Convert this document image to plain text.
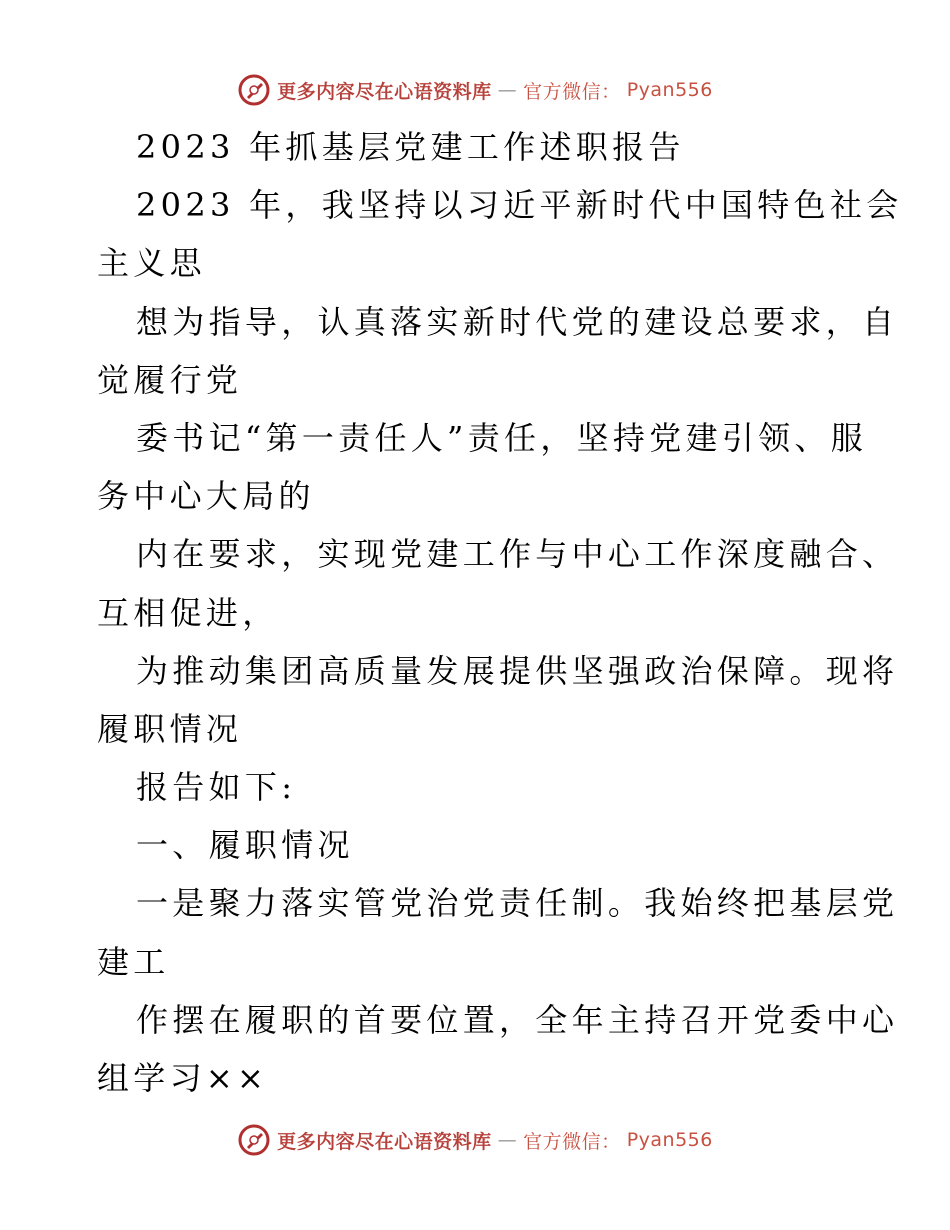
更多内容尽在心语资料库 — 官方微信： Pyan556
2023 年抓基层党建工作述职报告
2023 年，我坚持以习近平新时代中国特色社会
主义思
想为指导，认真落实新时代党的建设总要求，自
觉履行党
委书记“第一责任人”责任，坚持党建引领、服
务中心大局的
内在要求，实现党建工作与中心工作深度融合、
互相促进，
为推动集团高质量发展提供坚强政治保障。现将
履职情况
报告如下:
一、履职情况
一是聚力落实管党治党责任制。我始终把基层党
建工
作摆在履职的首要位置，全年主持召开党委中心
组学习××
更多内容尽在心语资料库 — 官方微信： Pyan556
